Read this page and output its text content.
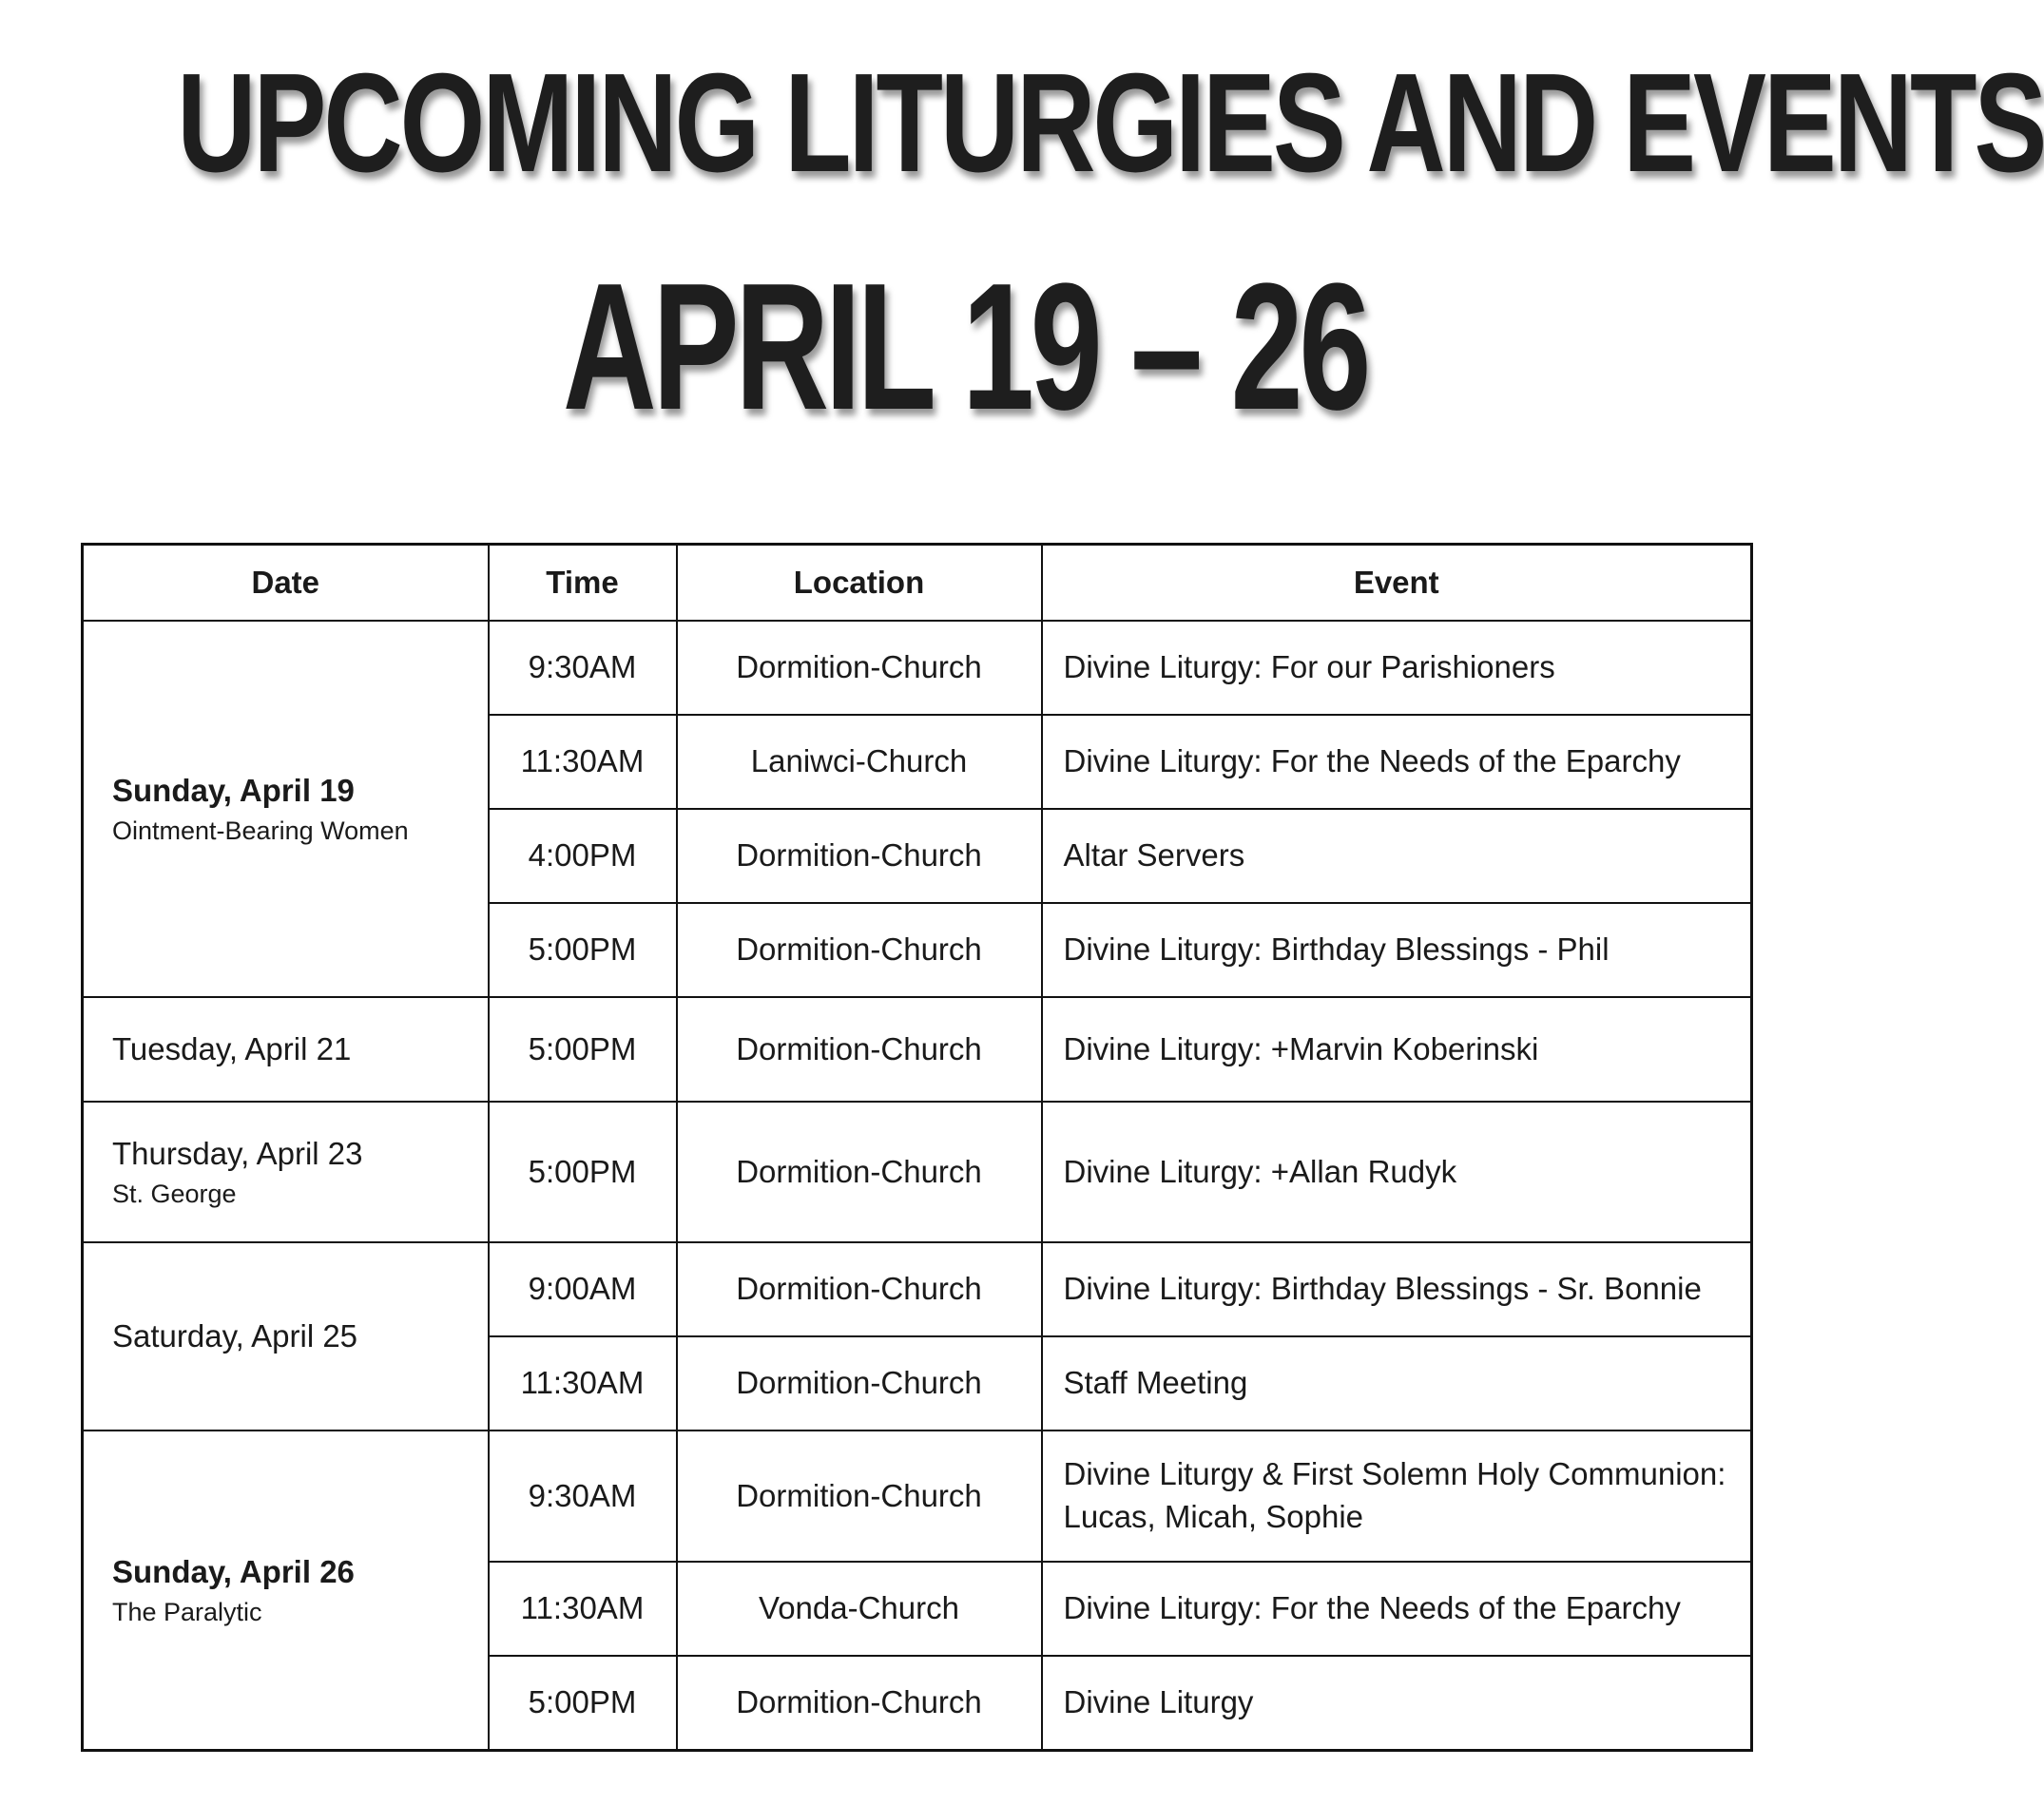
UPCOMING LITURGIES AND EVENTS
APRIL 19 – 26
Date	Time	Location	Event

Sunday, April 19
Ointment-Bearing Women	9:30AM	Dormition-Church	Divine Liturgy: For our Parishioners
	11:30AM	Laniwci-Church	Divine Liturgy: For the Needs of the Eparchy
	4:00PM	Dormition-Church	Altar Servers
	5:00PM	Dormition-Church	Divine Liturgy: Birthday Blessings - Phil

Tuesday, April 21	5:00PM	Dormition-Church	Divine Liturgy: +Marvin Koberinski

Thursday, April 23
St. George	5:00PM	Dormition-Church	Divine Liturgy: +Allan Rudyk

Saturday, April 25	9:00AM	Dormition-Church	Divine Liturgy: Birthday Blessings - Sr. Bonnie
	11:30AM	Dormition-Church	Staff Meeting

Sunday, April 26
The Paralytic	9:30AM	Dormition-Church	Divine Liturgy & First Solemn Holy Communion: Lucas, Micah, Sophie
	11:30AM	Vonda-Church	Divine Liturgy: For the Needs of the Eparchy
	5:00PM	Dormition-Church	Divine Liturgy
